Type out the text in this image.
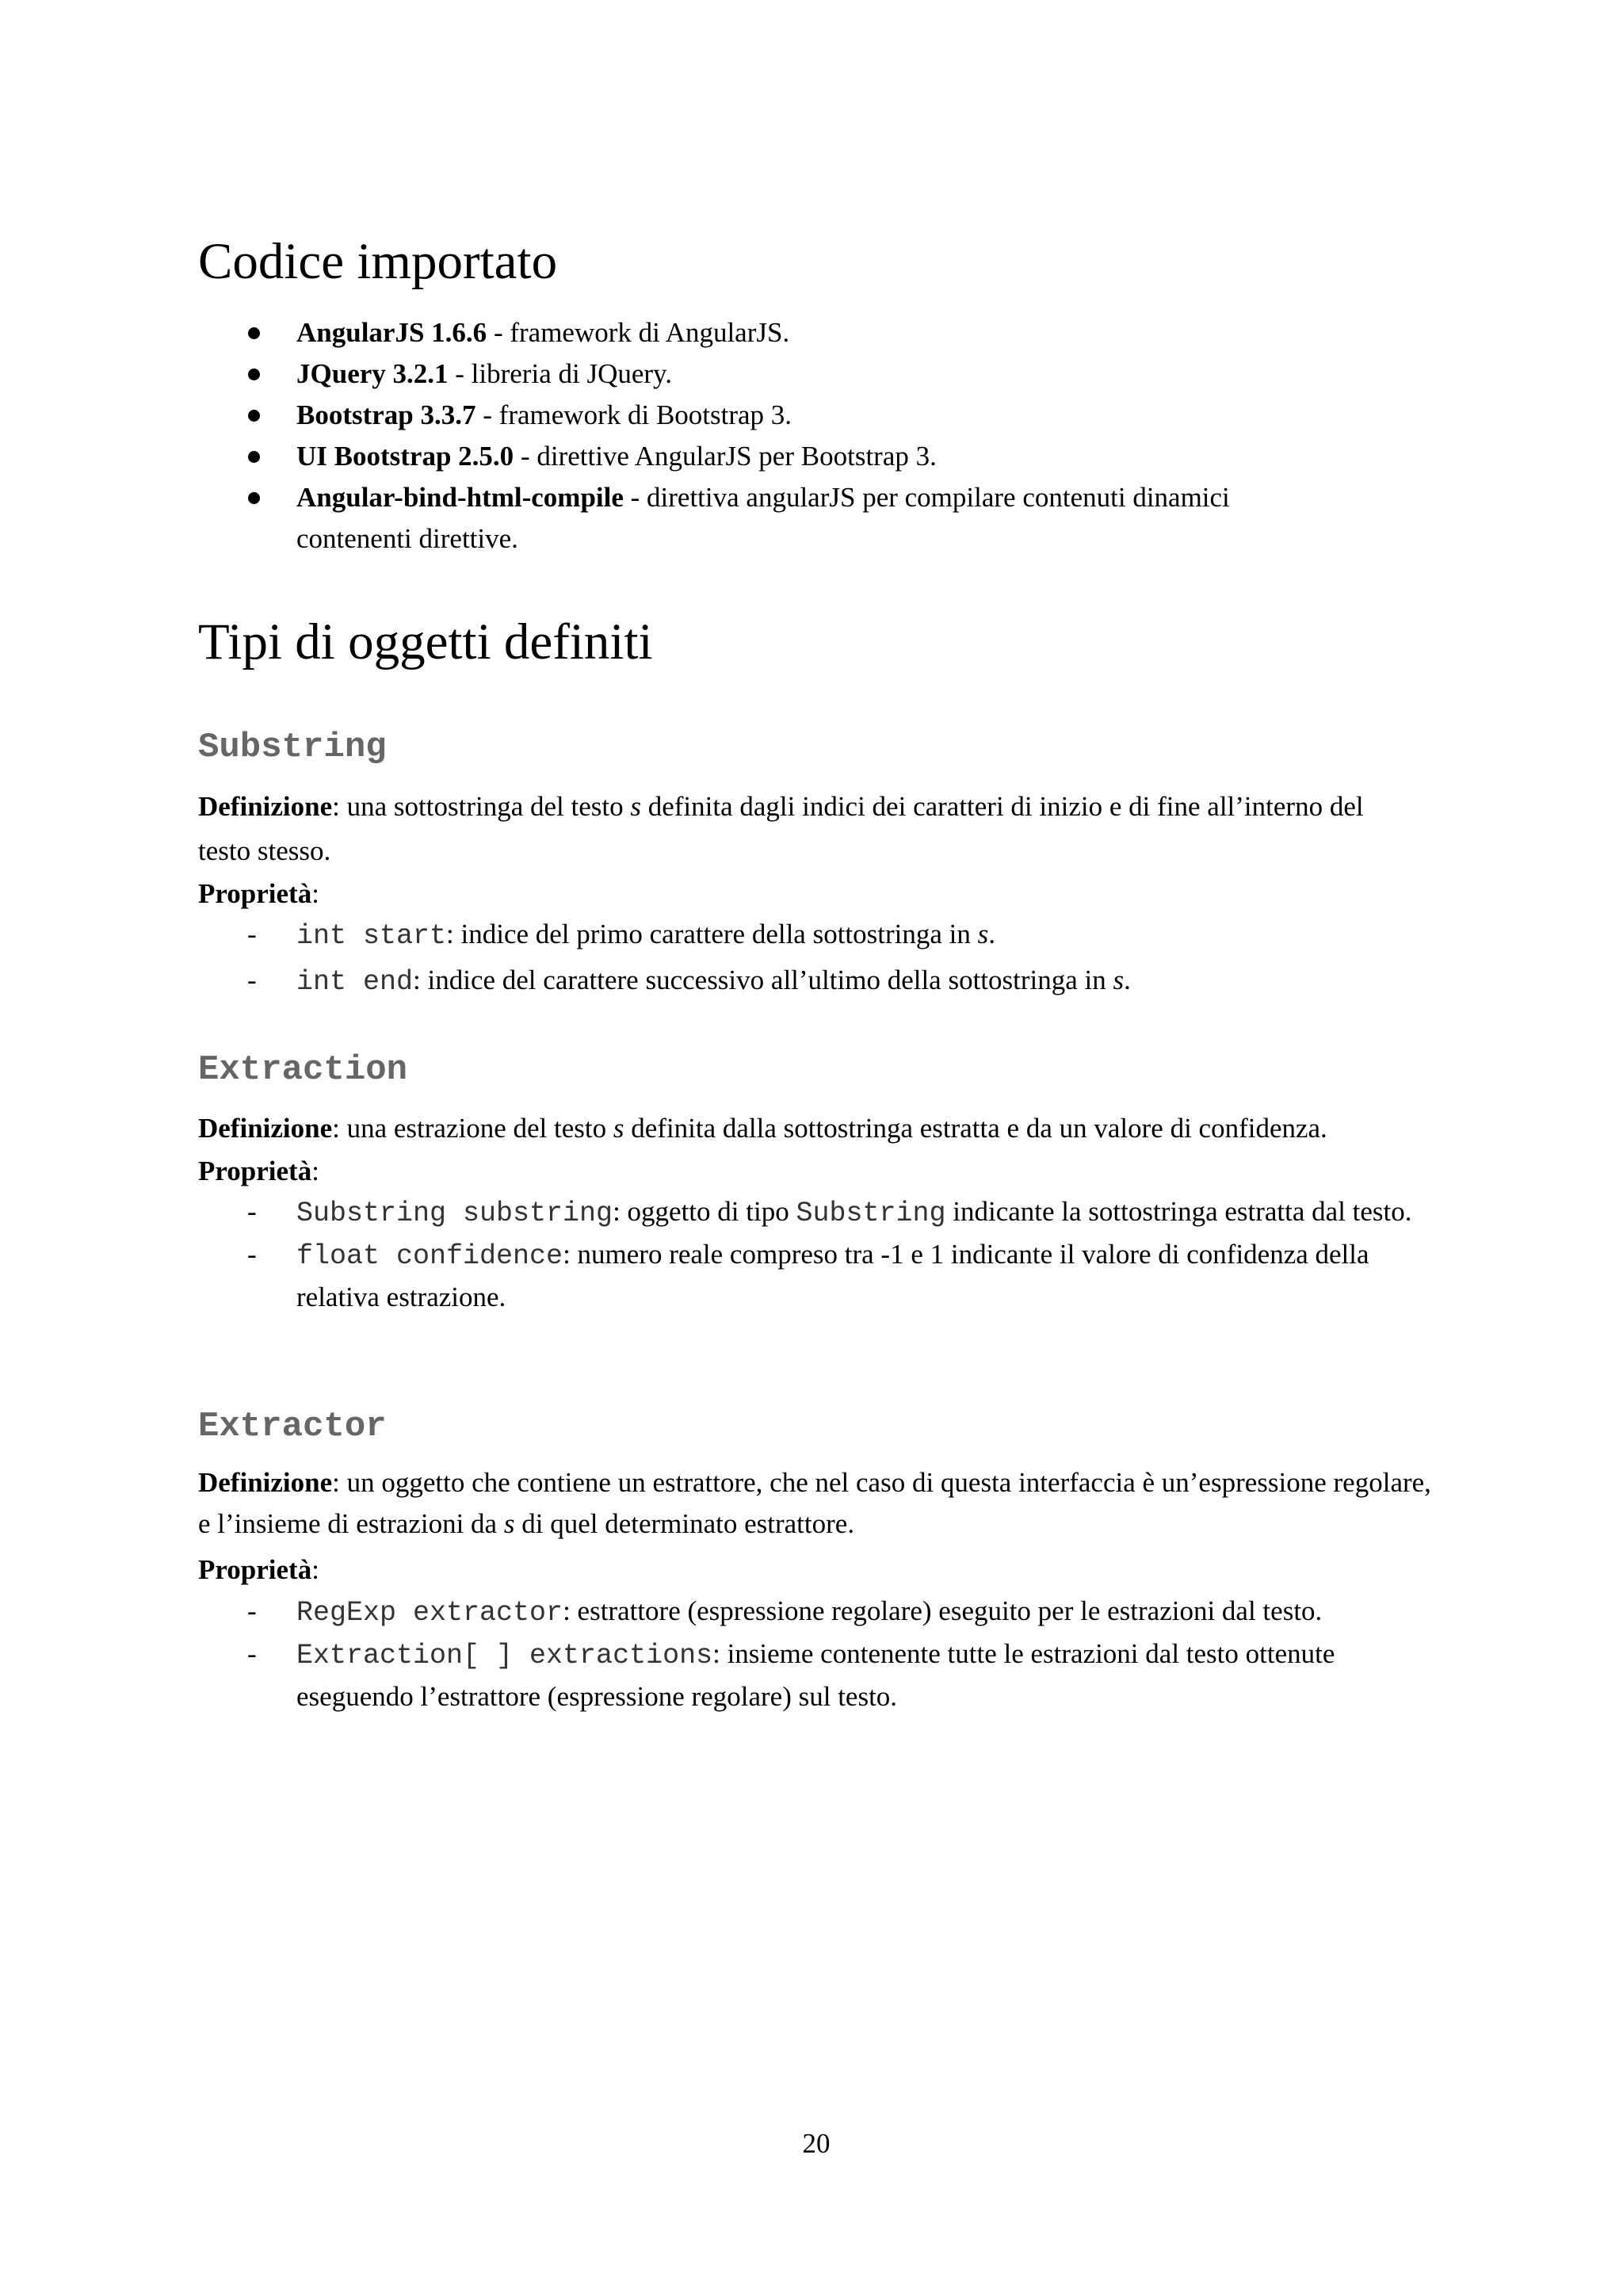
Codice importato
AngularJS 1.6.6 - framework di AngularJS.
JQuery 3.2.1 - libreria di JQuery.
Bootstrap 3.3.7 - framework di Bootstrap 3.
UI Bootstrap 2.5.0 - direttive AngularJS per Bootstrap 3.
Angular-bind-html-compile - direttiva angularJS per compilare contenuti dinamici contenenti direttive.
Tipi di oggetti definiti
Substring

Definizione: una sottostringa del testo s definita dagli indici dei caratteri di inizio e di fine all’interno del testo stesso.

Proprietà:

- int start: indice del primo carattere della sottostringa in s.
- int end: indice del carattere successivo all’ultimo della sottostringa in s.
Extraction

Definizione: una estrazione del testo s definita dalla sottostringa estratta e da un valore di confidenza.

Proprietà:

- Substring substring: oggetto di tipo Substring indicante la sottostringa estratta dal testo.
- float confidence: numero reale compreso tra -1 e 1 indicante il valore di confidenza della relativa estrazione.
Extractor

Definizione: un oggetto che contiene un estrattore, che nel caso di questa interfaccia è un’espressione regolare, e l’insieme di estrazioni da s di quel determinato estrattore.

Proprietà:

- RegExp extractor: estrattore (espressione regolare) eseguito per le estrazioni dal testo.
- Extraction[ ] extractions: insieme contenente tutte le estrazioni dal testo ottenute eseguendo l’estrattore (espressione regolare) sul testo.
20
